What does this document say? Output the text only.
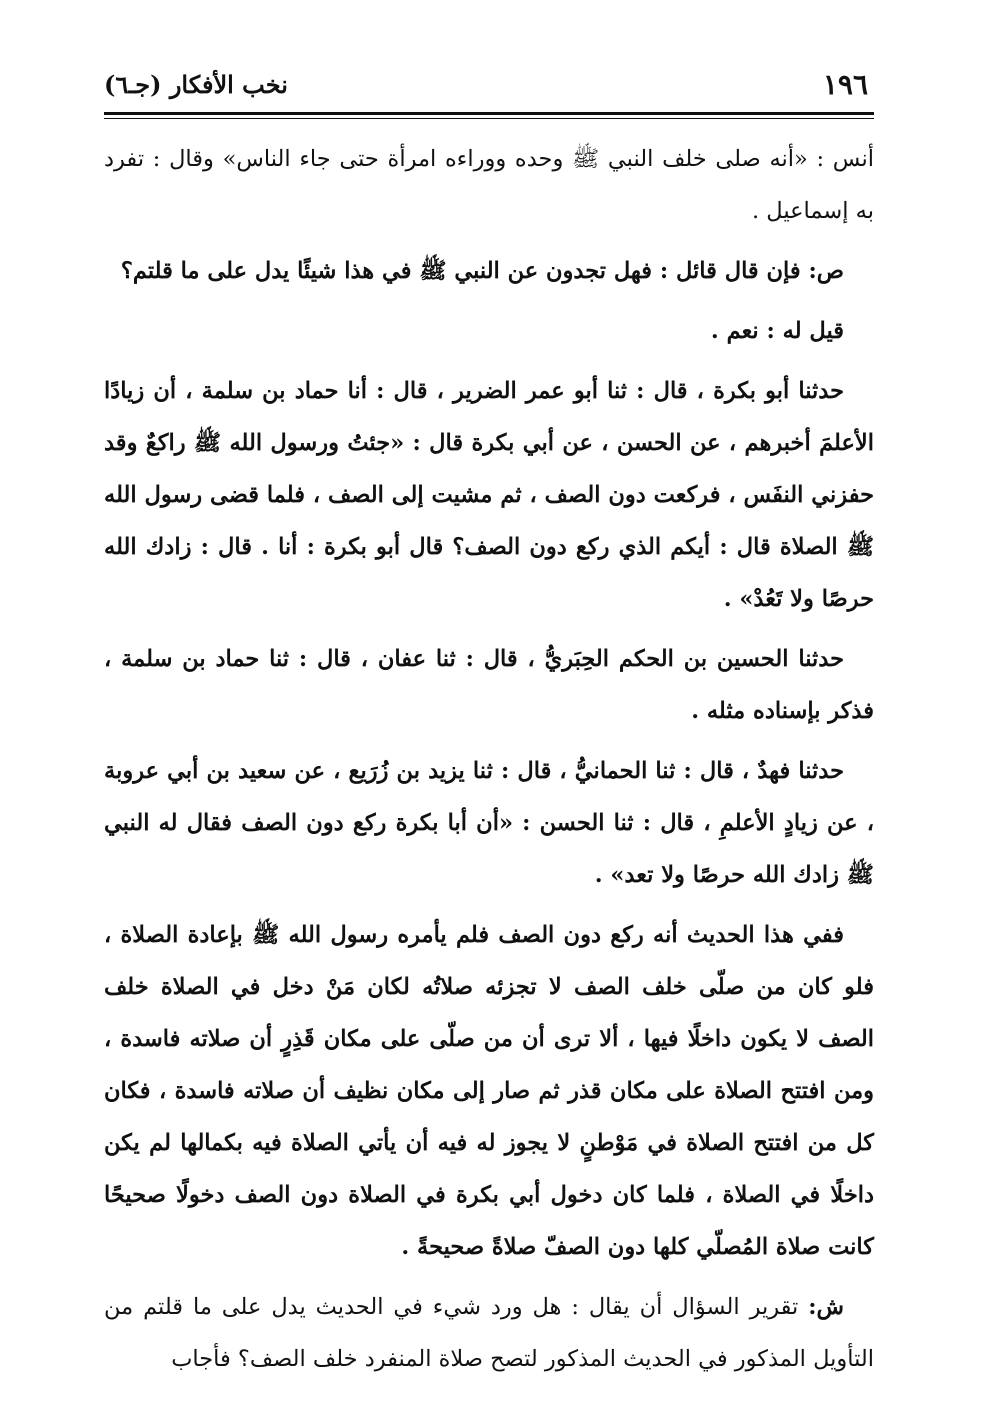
١٩٦
نخب الأفكار (جـ٦)

أنس : «أنه صلى خلف النبي ﷺ وحده ووراءه امرأة حتى جاء الناس» وقال : تفرد به إسماعيل .

ص: فإن قال قائل : فهل تجدون عن النبي ﷺ في هذا شيئًا يدل على ما قلتم؟

قيل له : نعم .

حدثنا أبو بكرة ، قال : ثنا أبو عمر الضرير ، قال : أنا حماد بن سلمة ، أن زيادًا الأعلمَ أخبرهم ، عن الحسن ، عن أبي بكرة قال : «جئتُ ورسول الله ﷺ راكعٌ وقد حفزني النفَس ، فركعت دون الصف ، ثم مشيت إلى الصف ، فلما قضى رسول الله ﷺ الصلاة قال : أيكم الذي ركع دون الصف؟ قال أبو بكرة : أنا . قال : زادك الله حرصًا ولا تَعُدْ» .

حدثنا الحسين بن الحكم الحِبَريُّ ، قال : ثنا عفان ، قال : ثنا حماد بن سلمة ، فذكر بإسناده مثله .

حدثنا فهدٌ ، قال : ثنا الحمانيُّ ، قال : ثنا يزيد بن زُرَيع ، عن سعيد بن أبي عروبة ، عن زيادٍ الأعلمِ ، قال : ثنا الحسن : «أن أبا بكرة ركع دون الصف فقال له النبي ﷺ زادك الله حرصًا ولا تعد» .

ففي هذا الحديث أنه ركع دون الصف فلم يأمره رسول الله ﷺ بإعادة الصلاة ، فلو كان من صلّى خلف الصف لا تجزئه صلاتُه لكان مَنْ دخل في الصلاة خلف الصف لا يكون داخلًا فيها ، ألا ترى أن من صلّى على مكان قَذِرٍ أن صلاته فاسدة ، ومن افتتح الصلاة على مكان قذر ثم صار إلى مكان نظيف أن صلاته فاسدة ، فكان كل من افتتح الصلاة في مَوْطنٍ لا يجوز له فيه أن يأتي الصلاة فيه بكمالها لم يكن داخلًا في الصلاة ، فلما كان دخول أبي بكرة في الصلاة دون الصف دخولًا صحيحًا كانت صلاة المُصلّي كلها دون الصفّ صلاةً صحيحةً .

ش: تقرير السؤال أن يقال : هل ورد شيء في الحديث يدل على ما قلتم من التأويل المذكور في الحديث المذكور لتصح صلاة المنفرد خلف الصف؟ فأجاب
